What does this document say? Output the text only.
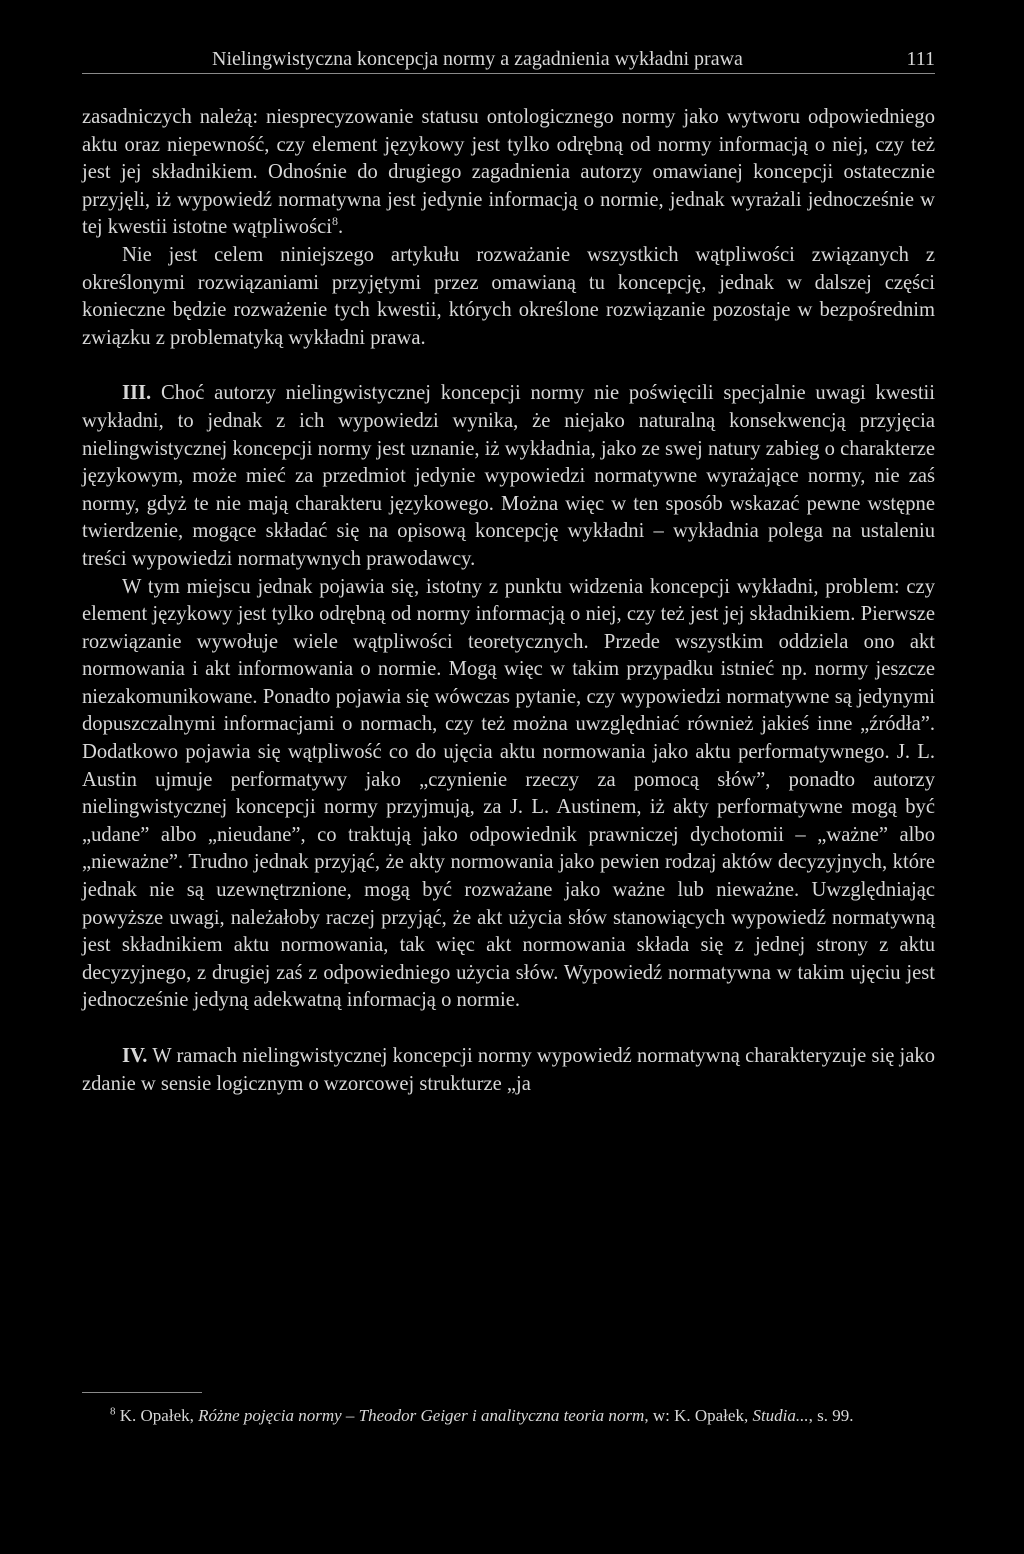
Nielingwistyczna koncepcja normy a zagadnienia wykładni prawa	111

zasadniczych należą: niesprecyzowanie statusu ontologicznego normy jako wytworu odpowiedniego aktu oraz niepewność, czy element językowy jest tylko odrębną od normy informacją o niej, czy też jest jej składnikiem. Odnośnie do drugiego zagadnienia autorzy omawianej koncepcji ostatecznie przyjęli, iż wypowiedź normatywna jest jedynie informacją o normie, jednak wyrażali jednocześnie w tej kwestii istotne wątpliwości$^8$.

Nie jest celem niniejszego artykułu rozważanie wszystkich wątpliwości związanych z określonymi rozwiązaniami przyjętymi przez omawianą tu koncepcję, jednak w dalszej części konieczne będzie rozważenie tych kwestii, których określone rozwiązanie pozostaje w bezpośrednim związku z problematyką wykładni prawa.

III. Choć autorzy nielingwistycznej koncepcji normy nie poświęcili specjalnie uwagi kwestii wykładni, to jednak z ich wypowiedzi wynika, że niejako naturalną konsekwencją przyjęcia nielingwistycznej koncepcji normy jest uznanie, iż wykładnia, jako ze swej natury zabieg o charakterze językowym, może mieć za przedmiot jedynie wypowiedzi normatywne wyrażające normy, nie zaś normy, gdyż te nie mają charakteru językowego. Można więc w ten sposób wskazać pewne wstępne twierdzenie, mogące składać się na opisową koncepcję wykładni – wykładnia polega na ustaleniu treści wypowiedzi normatywnych prawodawcy.

W tym miejscu jednak pojawia się, istotny z punktu widzenia koncepcji wykładni, problem: czy element językowy jest tylko odrębną od normy informacją o niej, czy też jest jej składnikiem. Pierwsze rozwiązanie wywołuje wiele wątpliwości teoretycznych. Przede wszystkim oddziela ono akt normowania i akt informowania o normie. Mogą więc w takim przypadku istnieć np. normy jeszcze niezakomunikowane. Ponadto pojawia się wówczas pytanie, czy wypowiedzi normatywne są jedynymi dopuszczalnymi informacjami o normach, czy też można uwzględniać również jakieś inne „źródła”. Dodatkowo pojawia się wątpliwość co do ujęcia aktu normowania jako aktu performatywnego. J. L. Austin ujmuje performatywy jako „czynienie rzeczy za pomocą słów”, ponadto autorzy nielingwistycznej koncepcji normy przyjmują, za J. L. Austinem, iż akty performatywne mogą być „udane” albo „nieudane”, co traktują jako odpowiednik prawniczej dychotomii – „ważne” albo „nieważne”. Trudno jednak przyjąć, że akty normowania jako pewien rodzaj aktów decyzyjnych, które jednak nie są uzewnętrznione, mogą być rozważane jako ważne lub nieważne. Uwzględniając powyższe uwagi, należałoby raczej przyjąć, że akt użycia słów stanowiących wypowiedź normatywną jest składnikiem aktu normowania, tak więc akt normowania składa się z jednej strony z aktu decyzyjnego, z drugiej zaś z odpowiedniego użycia słów. Wypowiedź normatywna w takim ujęciu jest jednocześnie jedyną adekwatną informacją o normie.

IV. W ramach nielingwistycznej koncepcji normy wypowiedź normatywną charakteryzuje się jako zdanie w sensie logicznym o wzorcowej strukturze „ja

$^8$ K. Opałek, Różne pojęcia normy – Theodor Geiger i analityczna teoria norm, w: K. Opałek, Studia..., s. 99.
